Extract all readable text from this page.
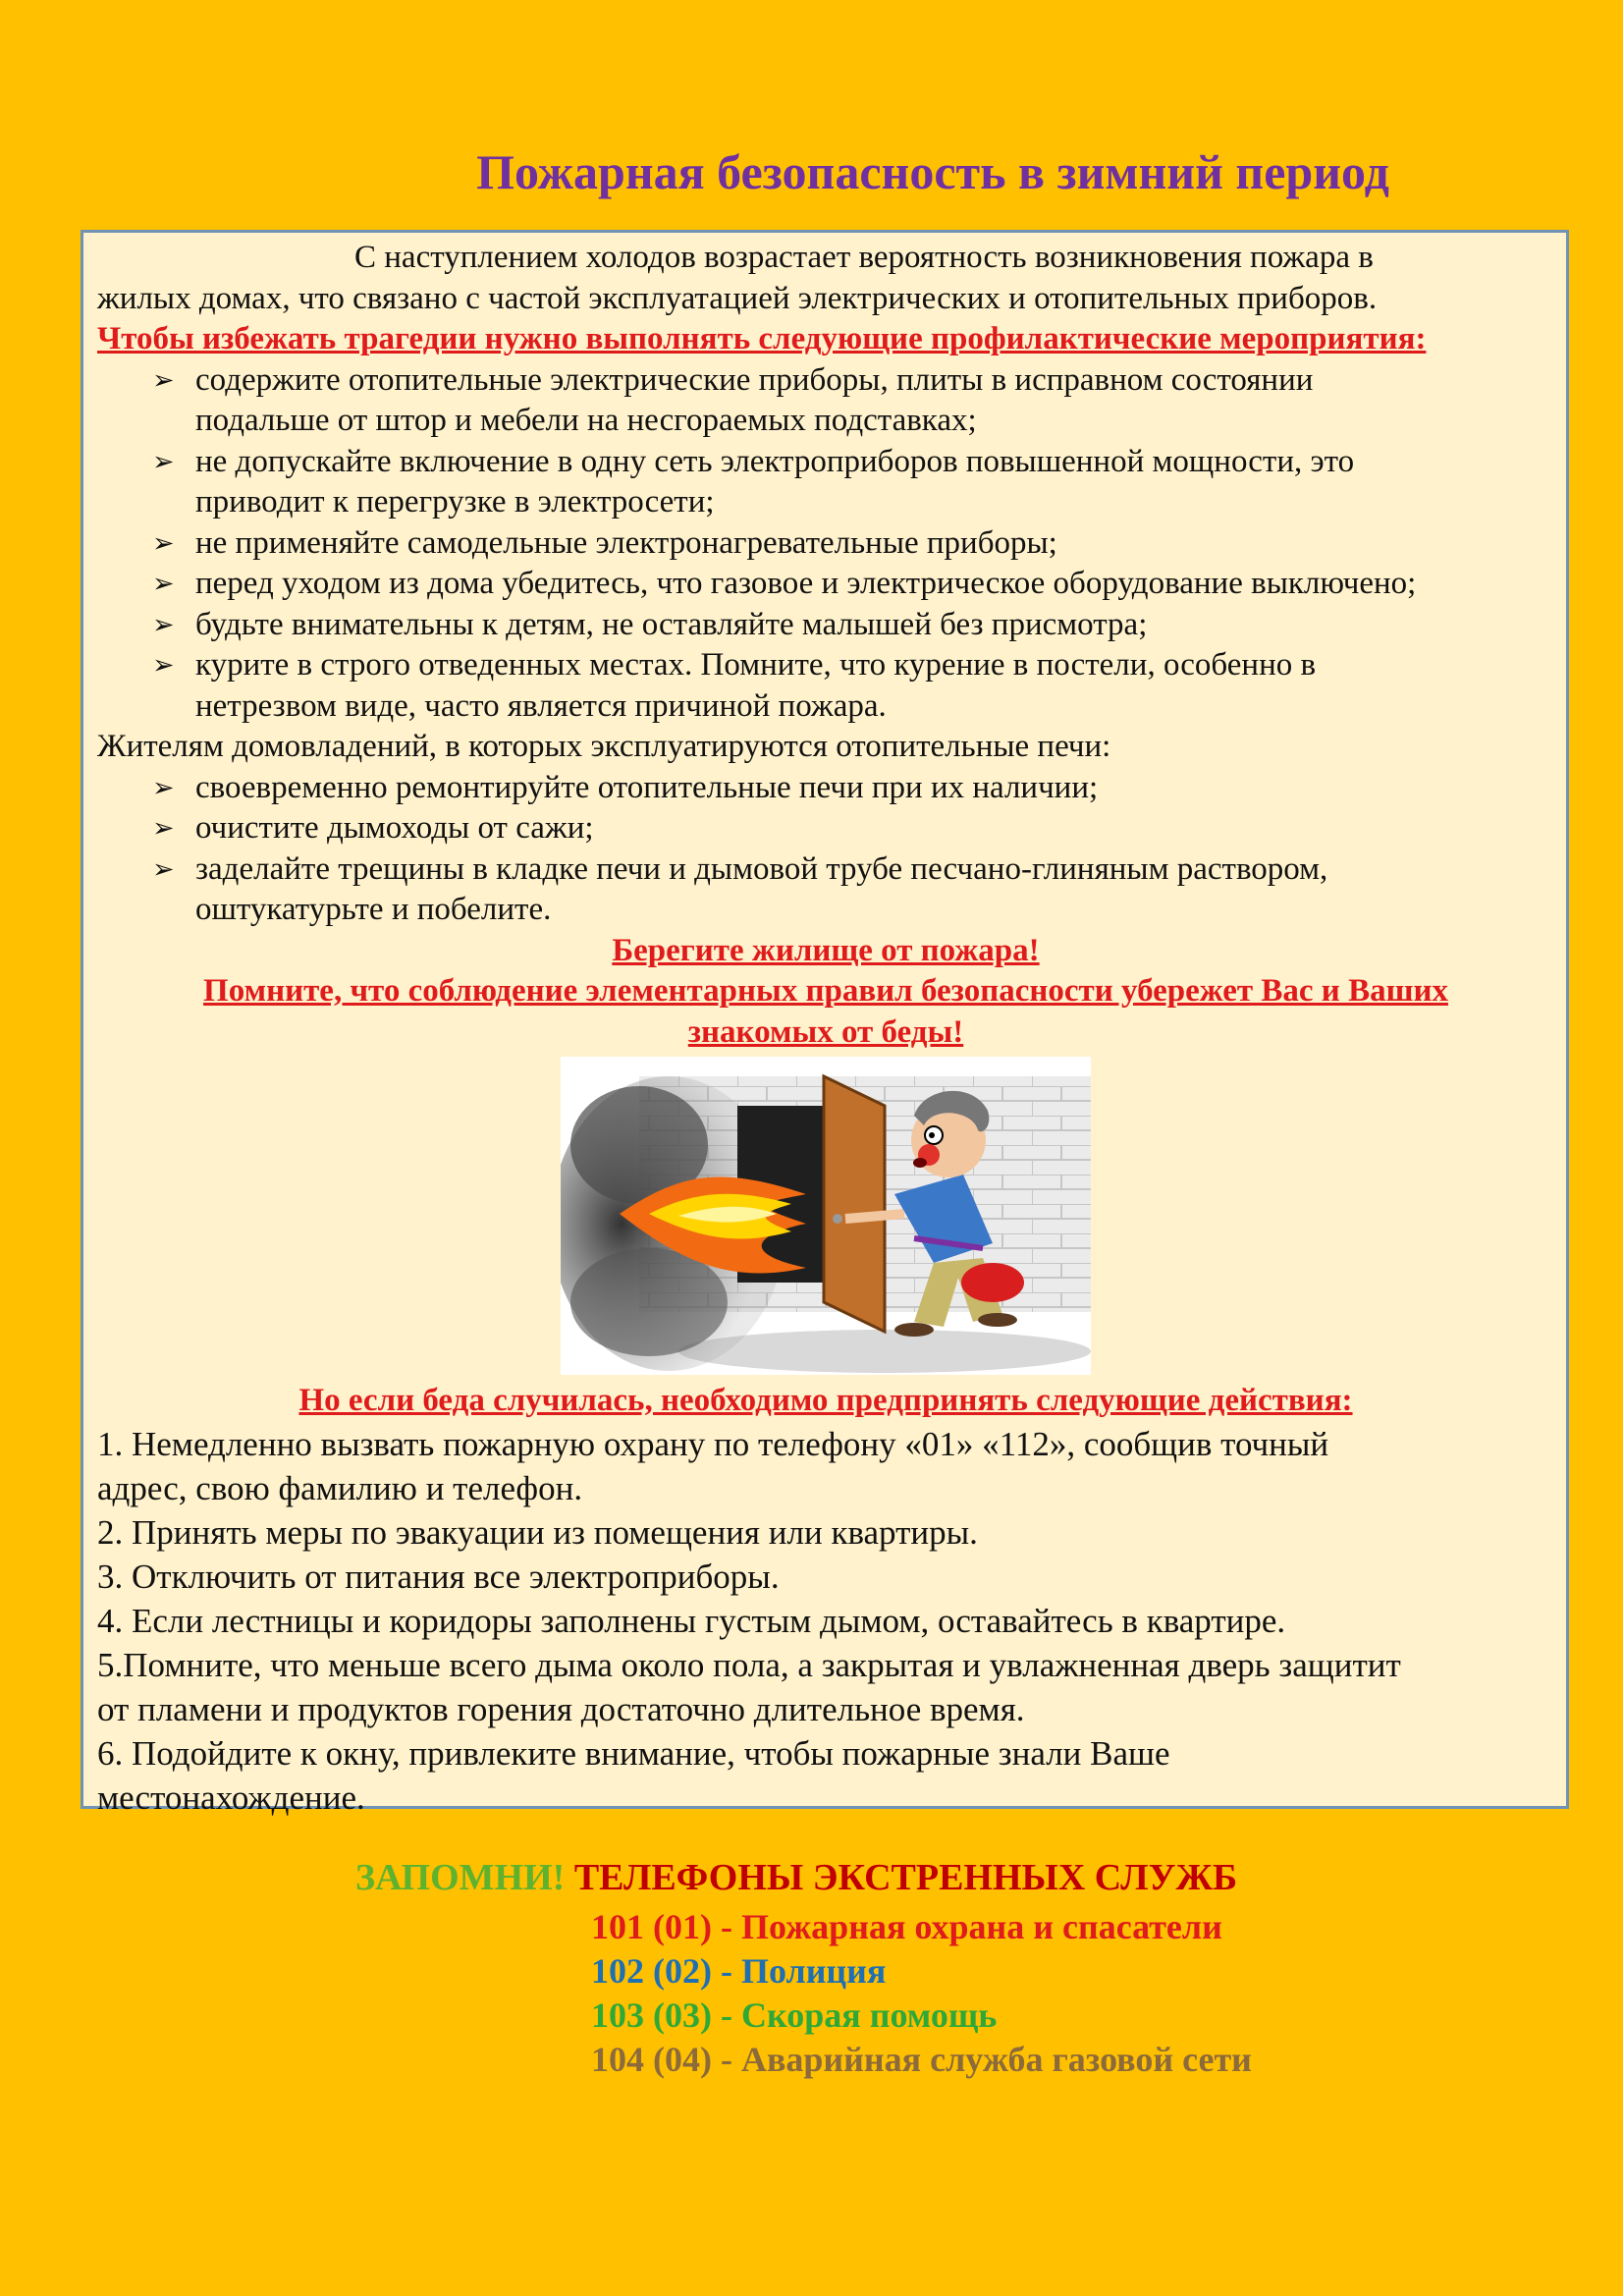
Пожарная безопасность в зимний период

С наступлением холодов возрастает вероятность возникновения пожара в

жилых домах, что связано с частой эксплуатацией электрических и отопительных приборов.

Чтобы избежать трагедии нужно выполнять следующие профилактические мероприятия:

➢ содержите отопительные электрические приборы, плиты в исправном состоянии
подальше от штор и мебели на несгораемых подставках;
➢ не допускайте включение в одну сеть электроприборов повышенной мощности, это
приводит к перегрузке в электросети;
➢ не применяйте самодельные электронагревательные приборы;
➢ перед уходом из дома убедитесь, что газовое и электрическое оборудование выключено;
➢ будьте внимательны к детям, не оставляйте малышей без присмотра;
➢ курите в строго отведенных местах. Помните, что курение в постели, особенно в
нетрезвом виде, часто является причиной пожара.

Жителям домовладений, в которых эксплуатируются отопительные печи:

➢ своевременно ремонтируйте отопительные печи при их наличии;
➢ очистите дымоходы от сажи;
➢ заделайте трещины в кладке печи и дымовой трубе песчано-глиняным раствором,
оштукатурьте и побелите.

Берегите жилище от пожара!

Помните, что соблюдение элементарных правил безопасности убережет Вас и Ваших
знакомых от беды!

Но если беда случилась, необходимо предпринять следующие действия:

1. Немедленно вызвать пожарную охрану по телефону «01» «112», сообщив точный
адрес, свою фамилию и телефон.

2. Принять меры по эвакуации из помещения или квартиры.

3. Отключить от питания все электроприборы.

4. Если лестницы и коридоры заполнены густым дымом, оставайтесь в квартире.

5.Помните, что меньше всего дыма около пола, а закрытая и увлажненная дверь защитит
от пламени и продуктов горения достаточно длительное время.

6. Подойдите к окну, привлеките внимание, чтобы пожарные знали Ваше
местонахождение.

ЗАПОМНИ! ТЕЛЕФОНЫ ЭКСТРЕННЫХ СЛУЖБ

101 (01) - Пожарная охрана и спасатели
102 (02) - Полиция
103 (03) - Скорая помощь
104 (04) - Аварийная служба газовой сети
